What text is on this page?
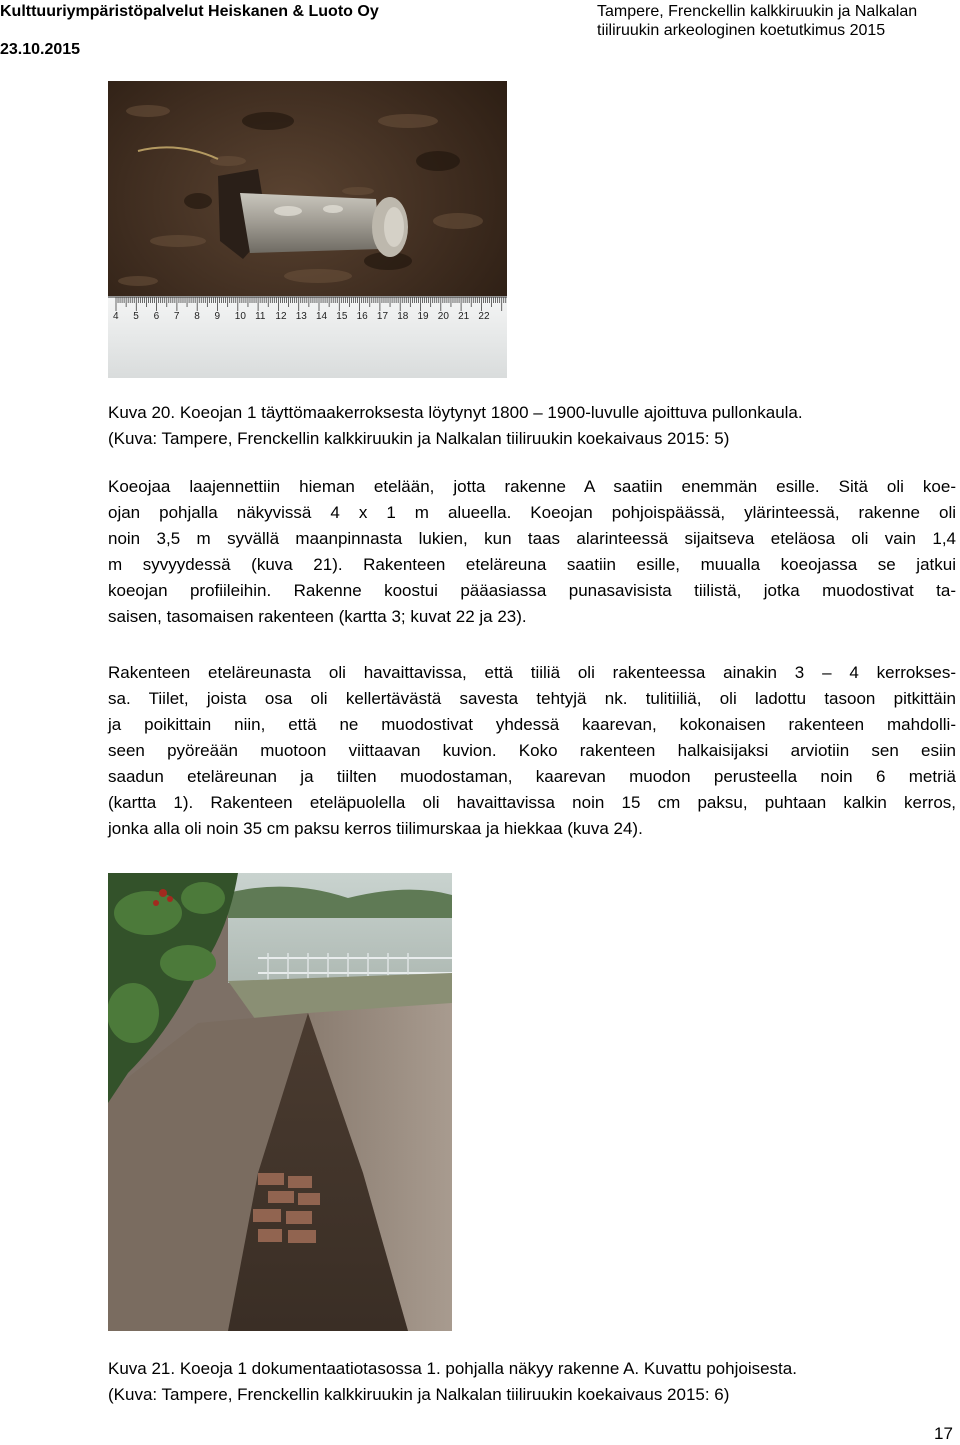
Kulttuuriympäristöpalvelut Heiskanen & Luoto Oy
23.10.2015
Tampere, Frenckellin kalkkiruukin ja Nalkalan
tiiliruukin arkeologinen koetutkimus 2015
4 5 6 7 8 9 10 11 12 13 14 15 16 17 18 19 20 21 22
Kuva 20. Koeojan 1 täyttömaakerroksesta löytynyt 1800 – 1900-luvulle ajoittuva pullonkaula.
(Kuva: Tampere, Frenckellin kalkkiruukin ja Nalkalan tiiliruukin koekaivaus 2015: 5)
Koeojaa laajennettiin hieman etelään, jotta rakenne A saatiin enemmän esille. Sitä oli koe-
ojan pohjalla näkyvissä 4 x 1 m alueella. Koeojan pohjoispäässä, ylärinteessä, rakenne oli
noin 3,5 m syvällä maanpinnasta lukien, kun taas alarinteessä sijaitseva eteläosa oli vain 1,4
m syvyydessä (kuva 21). Rakenteen eteläreuna saatiin esille, muualla koeojassa se jatkui
koeojan profiileihin. Rakenne koostui pääasiassa punasavisista tiilistä, jotka muodostivat ta-
saisen, tasomaisen rakenteen (kartta 3; kuvat 22 ja 23).
Rakenteen eteläreunasta oli havaittavissa, että tiiliä oli rakenteessa ainakin 3 – 4 kerrokses-
sa. Tiilet, joista osa oli kellertävästä savesta tehtyjä nk. tulitiiliä, oli ladottu tasoon pitkittäin
ja poikittain niin, että ne muodostivat yhdessä kaarevan, kokonaisen rakenteen mahdolli-
seen pyöreään muotoon viittaavan kuvion. Koko rakenteen halkaisijaksi arviotiin sen esiin
saadun eteläreunan ja tiilten muodostaman, kaarevan muodon perusteella noin 6 metriä
(kartta 1). Rakenteen eteläpuolella oli havaittavissa noin 15 cm paksu, puhtaan kalkin kerros,
jonka alla oli noin 35 cm paksu kerros tiilimurskaa ja hiekkaa (kuva 24).
Kuva 21. Koeoja 1 dokumentaatiotasossa 1. pohjalla näkyy rakenne A. Kuvattu pohjoisesta.
(Kuva: Tampere, Frenckellin kalkkiruukin ja Nalkalan tiiliruukin koekaivaus 2015: 6)
17
